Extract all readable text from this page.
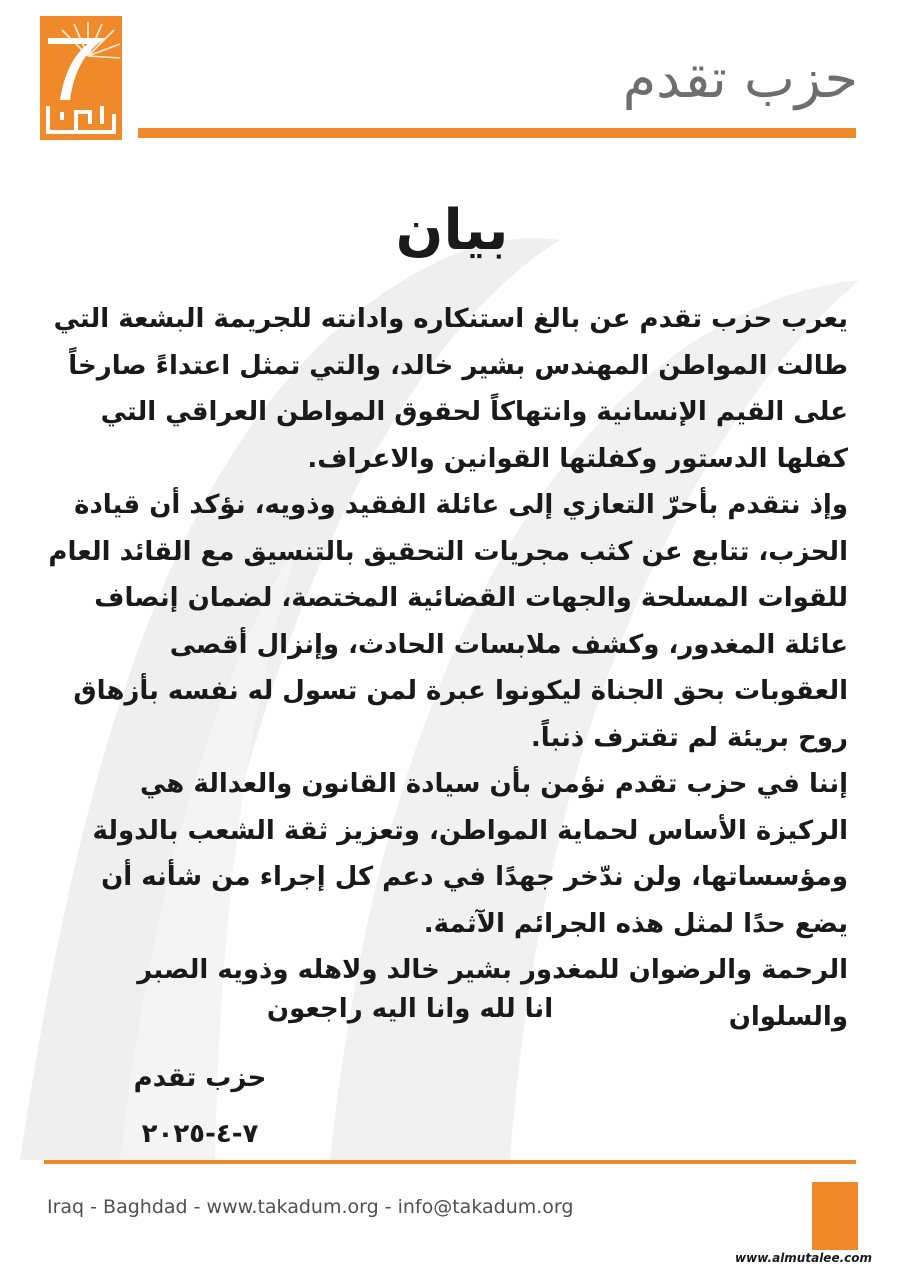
حزب تقدم
بيان

يعرب حزب تقدم عن بالغ استنكاره وادانته للجريمة البشعة التي طالت المواطن المهندس بشير خالد، والتي تمثل اعتداءً صارخاً على القيم الإنسانية وانتهاكاً لحقوق المواطن العراقي التي كفلها الدستور وكفلتها القوانين والاعراف.

وإذ نتقدم بأحرّ التعازي إلى عائلة الفقيد وذويه، نؤكد أن قيادة الحزب، تتابع عن كثب مجريات التحقيق بالتنسيق مع القائد العام للقوات المسلحة والجهات القضائية المختصة، لضمان إنصاف عائلة المغدور، وكشف ملابسات الحادث، وإنزال أقصى العقوبات بحق الجناة ليكونوا عبرة لمن تسول له نفسه بأزهاق روح بريئة لم تقترف ذنباً.

إننا في حزب تقدم نؤمن بأن سيادة القانون والعدالة هي الركيزة الأساس لحماية المواطن، وتعزيز ثقة الشعب بالدولة ومؤسساتها، ولن ندّخر جهدًا في دعم كل إجراء من شأنه أن يضع حدًا لمثل هذه الجرائم الآثمة.

الرحمة والرضوان للمغدور بشير خالد ولاهله وذويه الصبر والسلوان

انا لله وانا اليه راجعون
حزب تقدم
٧-٤-٢٠٢٥
Iraq - Baghdad - www.takadum.org - info@takadum.org
www.almutalee.com
